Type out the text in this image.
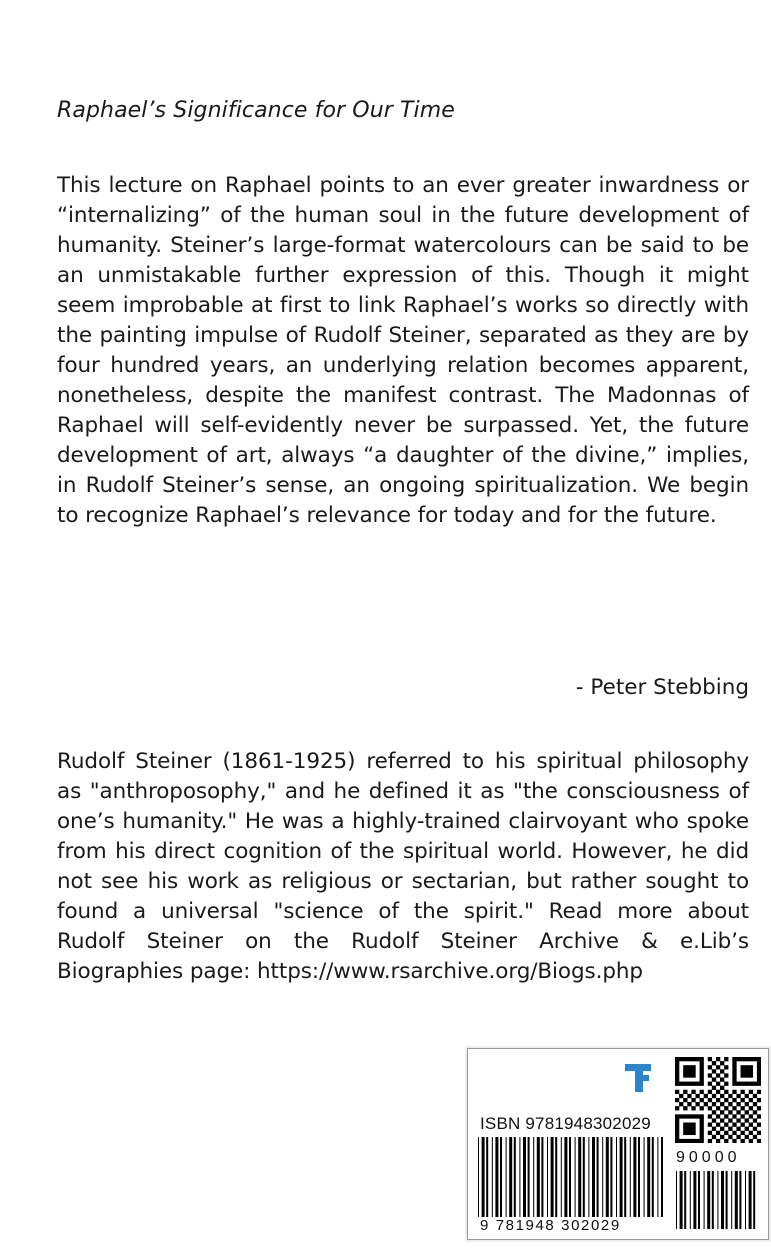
Raphael’s Significance for Our Time
This lecture on Raphael points to an ever greater inwardness or “internalizing” of the human soul in the future development of humanity. Steiner’s large-format watercolours can be said to be an unmistakable further expression of this. Though it might seem improbable at first to link Raphael’s works so directly with the painting impulse of Rudolf Steiner, separated as they are by four hundred years, an underlying relation becomes apparent, nonetheless, despite the manifest contrast. The Madonnas of Raphael will self-evidently never be surpassed. Yet, the future development of art, always “a daughter of the divine,” implies, in Rudolf Steiner’s sense, an ongoing spiritualization. We begin to recognize Raphael’s relevance for today and for the future.
- Peter Stebbing
Rudolf Steiner (1861-1925) referred to his spiritual philosophy as "anthroposophy," and he defined it as "the consciousness of one’s humanity." He was a highly-trained clairvoyant who spoke from his direct cognition of the spiritual world. However, he did not see his work as religious or sectarian, but rather sought to found a universal "science of the spirit." Read more about Rudolf Steiner on the Rudolf Steiner Archive & e.Lib’s Biographies page: https://www.rsarchive.org/Biogs.php
ISBN 9781948302029
90000
9 781948 302029
